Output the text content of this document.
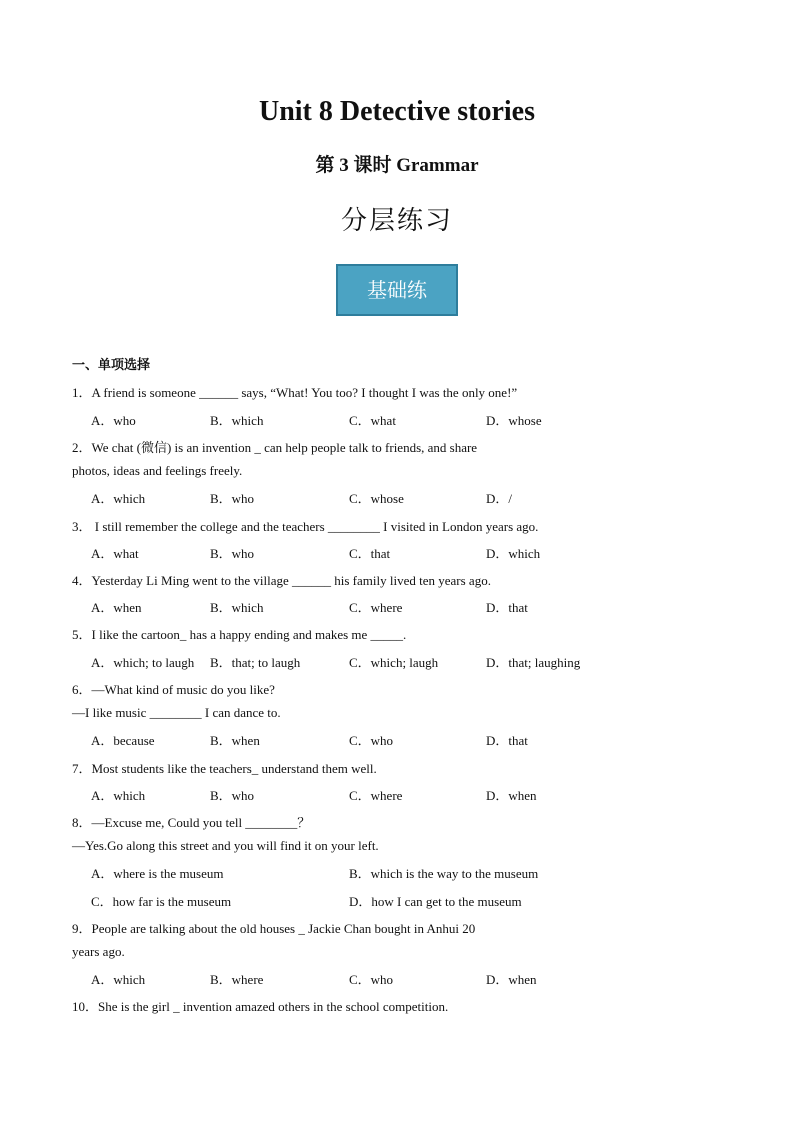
Unit 8 Detective stories
第 3 课时 Grammar
分层练习
基础练
一、单项选择
1．A friend is someone ______ says, “What! You too? I thought I was the only one!”
A．who	B．which	C．what	D．whose
2．We chat (微信) is an invention _ can help people talk to friends, and share
photos, ideas and feelings freely.
A．which	B．who	C．whose	D．/
3． I still remember the college and the teachers ________ I visited in London years ago.
A．what	B．who	C．that	D．which
4．Yesterday Li Ming went to the village ______ his family lived ten years ago.
A．when	B．which	C．where	D．that
5．I like the cartoon_ has a happy ending and makes me _____.
A．which; to laugh B．that; to laugh	C．which; laugh	D．that; laughing
6．—What kind of music do you like?
—I like music ________ I can dance to.
A．because	B．when	C．who	D．that
7．Most students like the teachers_ understand them well.
A．which	B．who	C．where	D．when
8．—Excuse me, Could you tell ________？
—Yes.Go along this street and you will find it on your left.
A．where is the museum	B．which is the way to the museum
C．how far is the museum	D．how I can get to the museum
9．People are talking about the old houses _ Jackie Chan bought in Anhui 20
years ago.
A．which	B．where	C．who	D．when
10．She is the girl _ invention amazed others in the school competition.
